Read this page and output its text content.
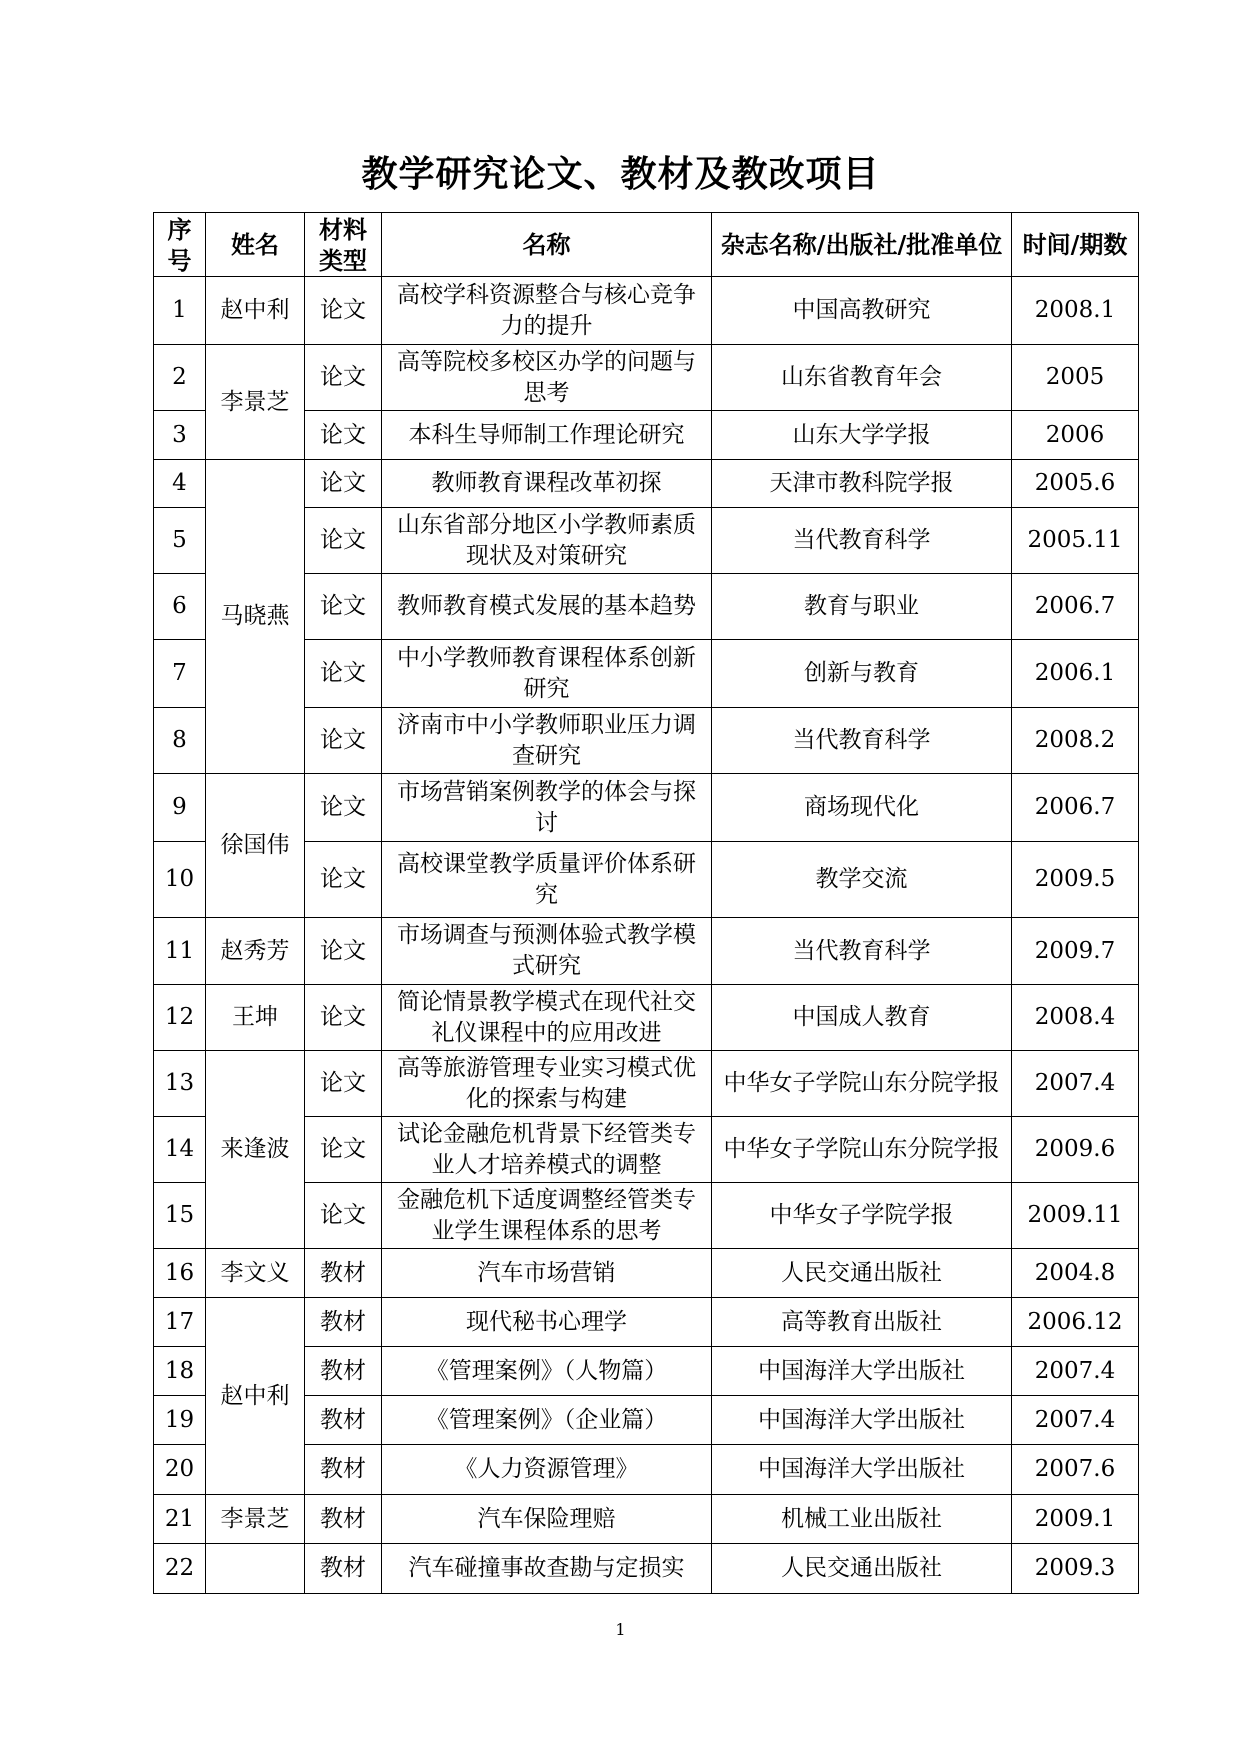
教学研究论文、教材及教改项目
序号	姓名	材料类型	名称	杂志名称/出版社/批准单位	时间/期数
1	赵中利	论文	高校学科资源整合与核心竞争力的提升	中国高教研究	2008.1
2	李景芝	论文	高等院校多校区办学的问题与思考	山东省教育年会	2005
3		论文	本科生导师制工作理论研究	山东大学学报	2006
4	马晓燕	论文	教师教育课程改革初探	天津市教科院学报	2005.6
5		论文	山东省部分地区小学教师素质现状及对策研究	当代教育科学	2005.11
6		论文	教师教育模式发展的基本趋势	教育与职业	2006.7
7		论文	中小学教师教育课程体系创新研究	创新与教育	2006.1
8		论文	济南市中小学教师职业压力调查研究	当代教育科学	2008.2
9	徐国伟	论文	市场营销案例教学的体会与探讨	商场现代化	2006.7
10		论文	高校课堂教学质量评价体系研究	教学交流	2009.5
11	赵秀芳	论文	市场调查与预测体验式教学模式研究	当代教育科学	2009.7
12	王坤	论文	简论情景教学模式在现代社交礼仪课程中的应用改进	中国成人教育	2008.4
13	来逢波	论文	高等旅游管理专业实习模式优化的探索与构建	中华女子学院山东分院学报	2007.4
14		论文	试论金融危机背景下经管类专业人才培养模式的调整	中华女子学院山东分院学报	2009.6
15		论文	金融危机下适度调整经管类专业学生课程体系的思考	中华女子学院学报	2009.11
16	李文义	教材	汽车市场营销	人民交通出版社	2004.8
17	赵中利	教材	现代秘书心理学	高等教育出版社	2006.12
18		教材	《管理案例》（人物篇）	中国海洋大学出版社	2007.4
19		教材	《管理案例》（企业篇）	中国海洋大学出版社	2007.4
20		教材	《人力资源管理》	中国海洋大学出版社	2007.6
21	李景芝	教材	汽车保险理赔	机械工业出版社	2009.1
22		教材	汽车碰撞事故查勘与定损实	人民交通出版社	2009.3
1
